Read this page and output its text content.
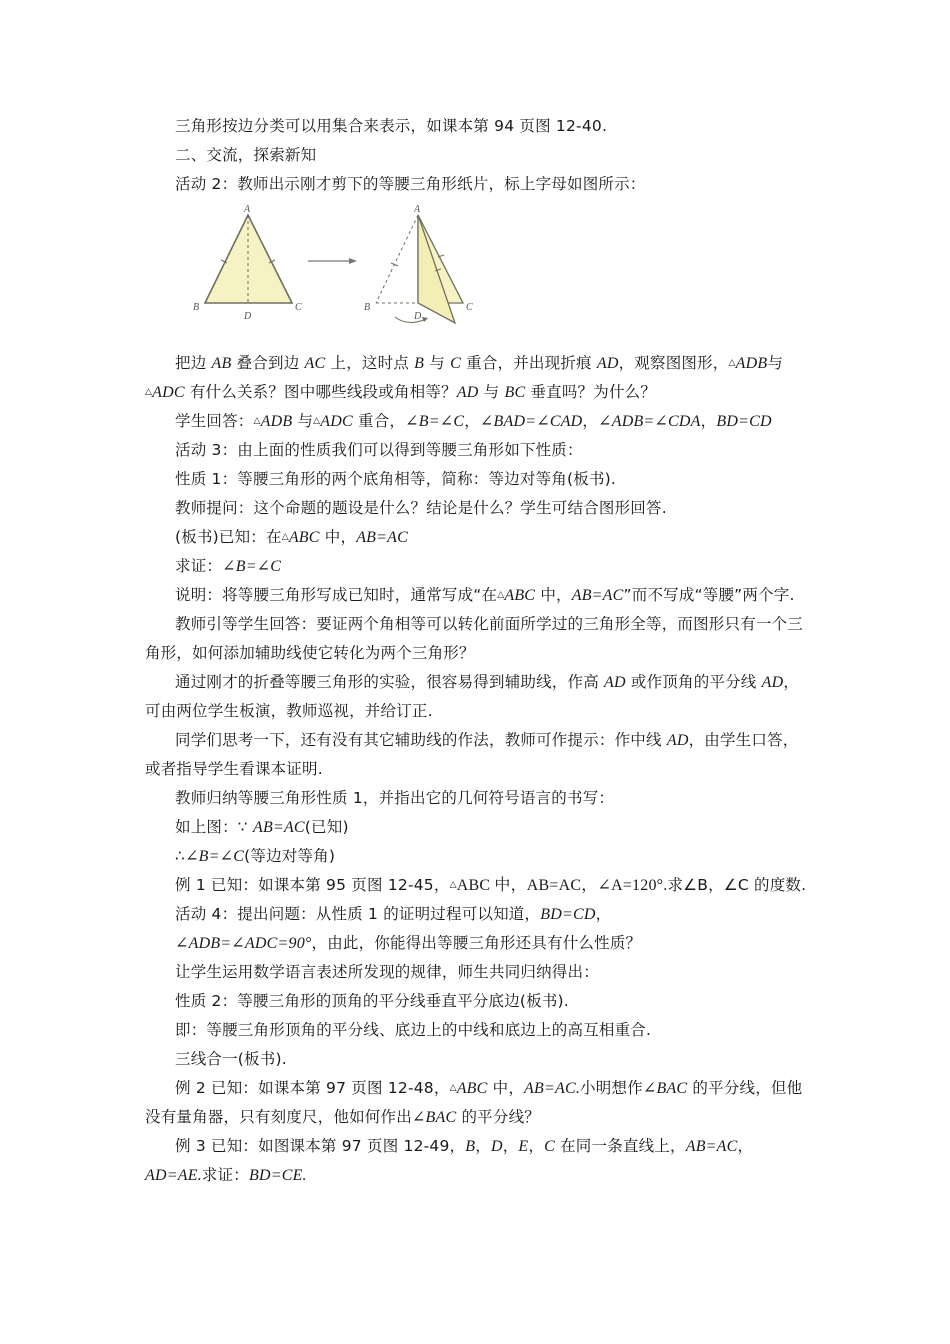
三角形按边分类可以用集合来表示，如课本第 94 页图 12-40.

二、交流，探索新知

活动 2：教师出示刚才剪下的等腰三角形纸片，标上字母如图所示：

A
B	C
D
A
B	C
D

把边 AB 叠合到边 AC 上，这时点 B 与 C 重合，并出现折痕 AD，观察图图形，△ADB与△ADC 有什么关系？图中哪些线段或角相等？AD 与 BC 垂直吗？为什么？

学生回答：△ADB 与△ADC 重合，∠B=∠C，∠BAD=∠CAD，∠ADB=∠CDA，BD=CD

活动 3：由上面的性质我们可以得到等腰三角形如下性质：

性质 1：等腰三角形的两个底角相等，简称：等边对等角(板书).

教师提问：这个命题的题设是什么？结论是什么？学生可结合图形回答.

(板书)已知：在△ABC 中，AB=AC

求证：∠B=∠C

说明：将等腰三角形写成已知时，通常写成“在△ABC 中，AB=AC”而不写成“等腰”两个字.

教师引等学生回答：要证两个角相等可以转化前面所学过的三角形全等，而图形只有一个三角形，如何添加辅助线使它转化为两个三角形？

通过刚才的折叠等腰三角形的实验，很容易得到辅助线，作高 AD 或作顶角的平分线 AD，可由两位学生板演，教师巡视，并给订正.

同学们思考一下，还有没有其它辅助线的作法，教师可作提示：作中线 AD，由学生口答，或者指导学生看课本证明.

教师归纳等腰三角形性质 1，并指出它的几何符号语言的书写：

如上图：∵ AB=AC(已知)

∴∠B=∠C(等边对等角)

例 1 已知：如课本第 95 页图 12-45，△ABC 中，AB=AC，∠A=120°.求∠B，∠C 的度数.

活动 4：提出问题：从性质 1 的证明过程可以知道，BD=CD，

∠ADB=∠ADC=90°，由此，你能得出等腰三角形还具有什么性质？

让学生运用数学语言表述所发现的规律，师生共同归纳得出：

性质 2：等腰三角形的顶角的平分线垂直平分底边(板书).

即：等腰三角形顶角的平分线、底边上的中线和底边上的高互相重合.

三线合一(板书).

例 2 已知：如课本第 97 页图 12-48，△ABC 中，AB=AC.小明想作∠BAC 的平分线，但他没有量角器，只有刻度尺，他如何作出∠BAC 的平分线？

例 3 已知：如图课本第 97 页图 12-49，B，D，E，C 在同一条直线上，AB=AC，AD=AE.求证：BD=CE.
